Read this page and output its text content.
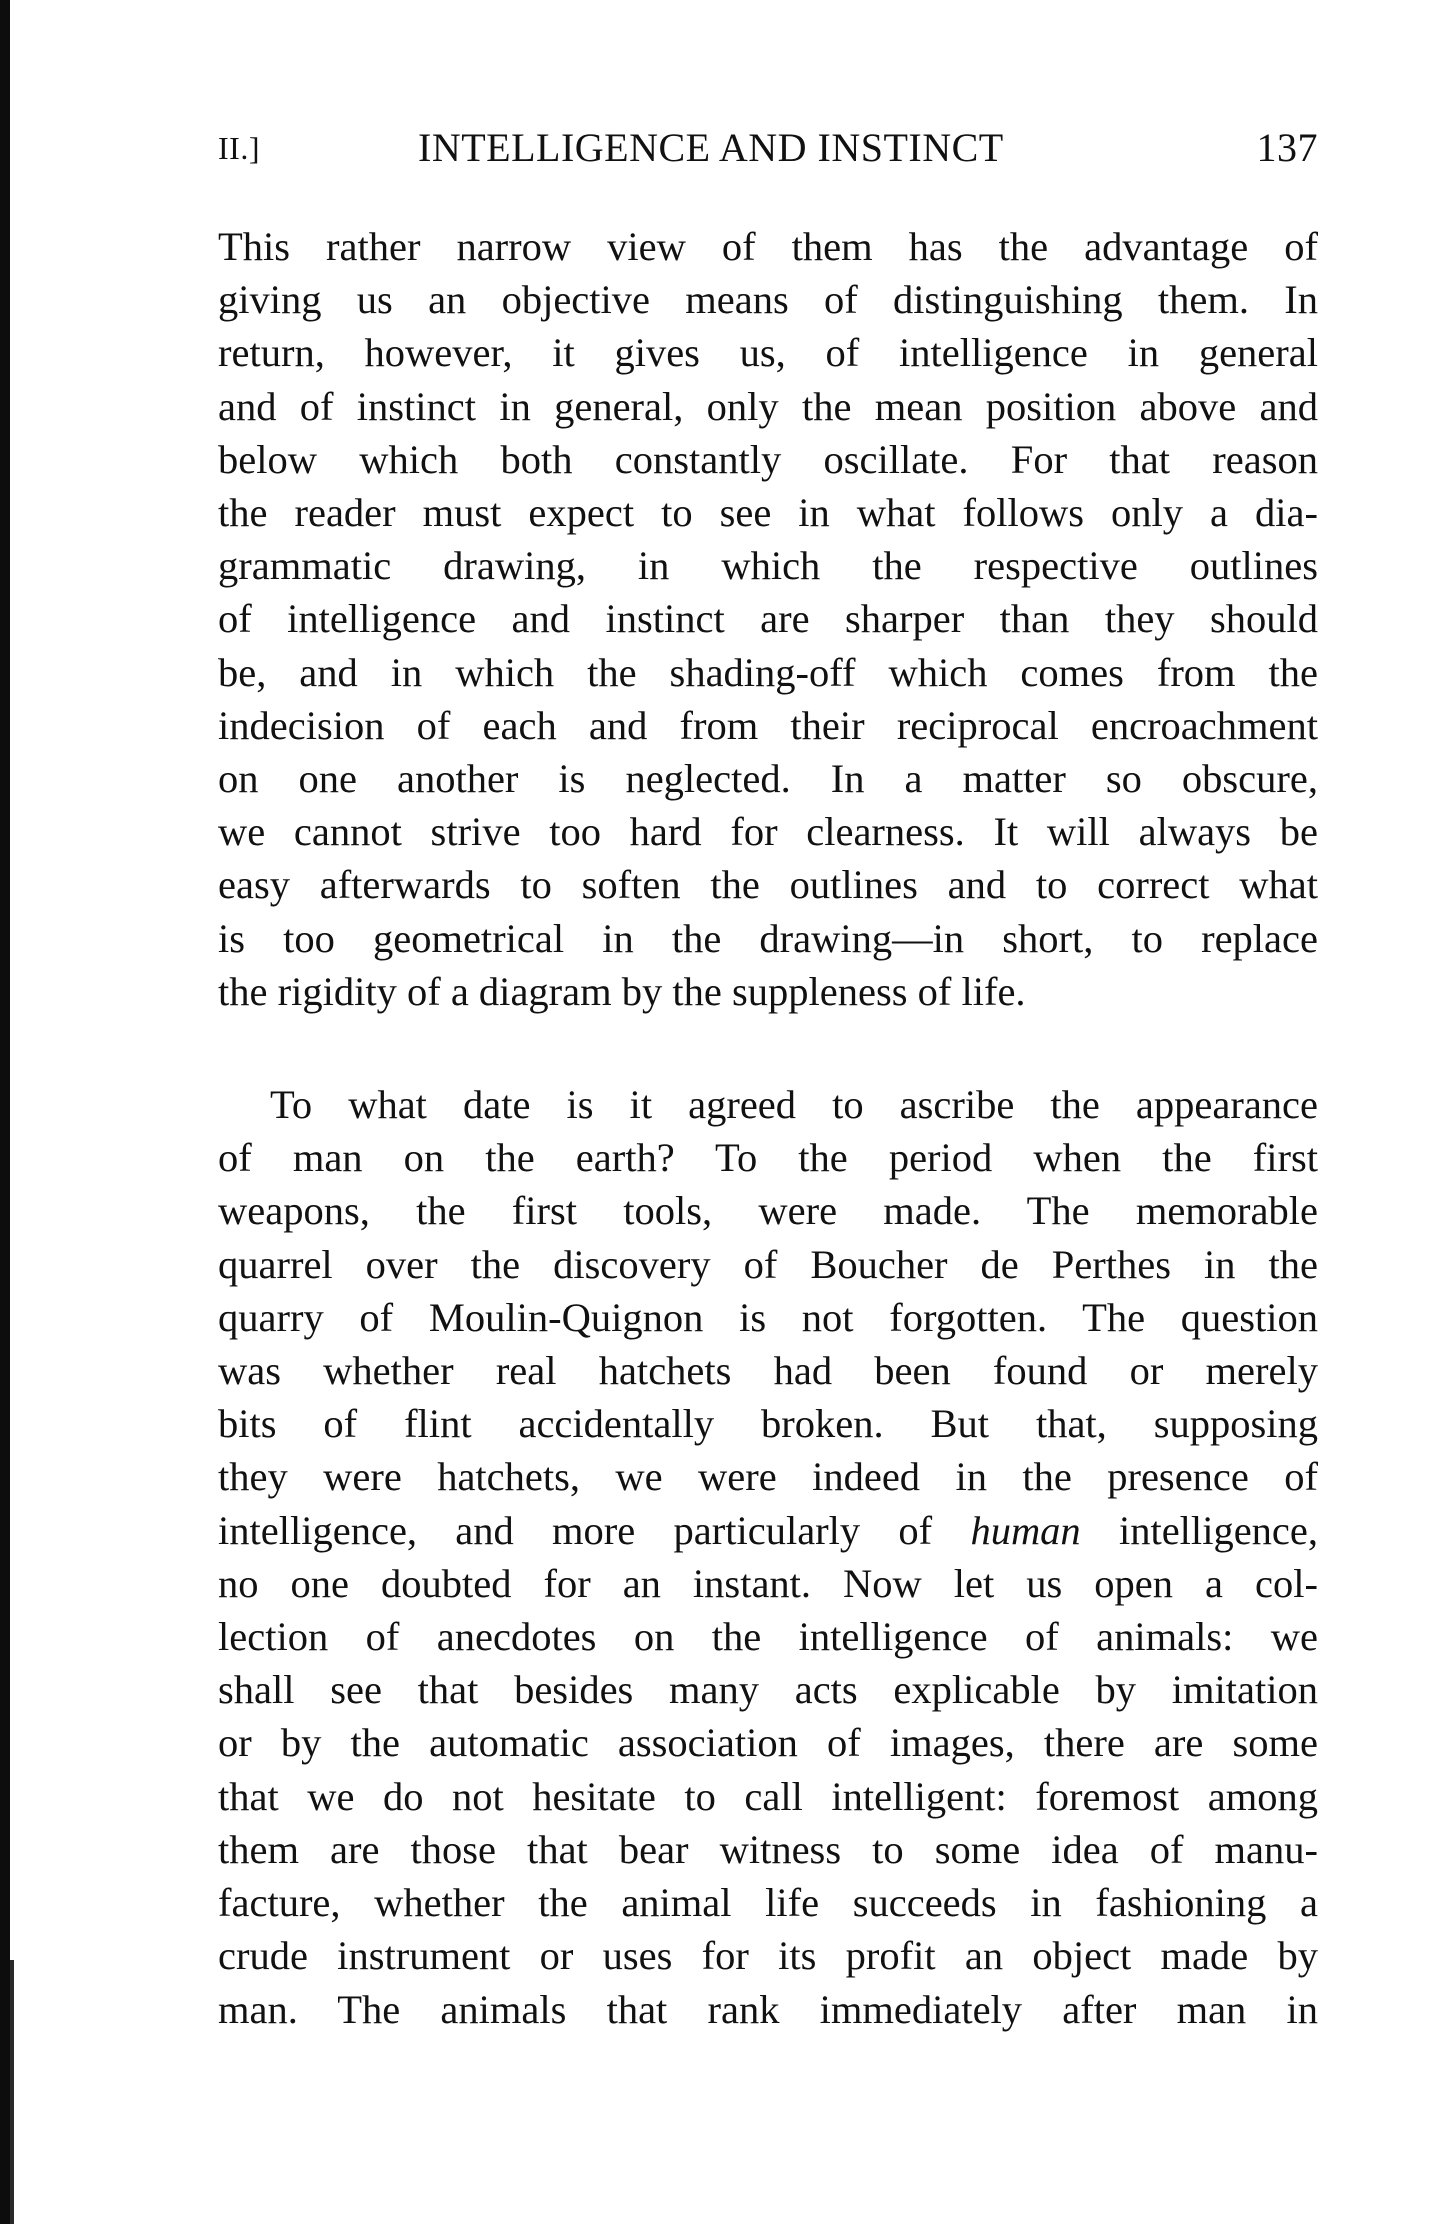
II.]	INTELLIGENCE AND INSTINCT	137

This rather narrow view of them has the advantage of
giving us an objective means of distinguishing them. In
return, however, it gives us, of intelligence in general
and of instinct in general, only the mean position above and
below which both constantly oscillate. For that reason
the reader must expect to see in what follows only a dia-
grammatic drawing, in which the respective outlines
of intelligence and instinct are sharper than they should
be, and in which the shading-off which comes from the
indecision of each and from their reciprocal encroachment
on one another is neglected. In a matter so obscure,
we cannot strive too hard for clearness. It will always be
easy afterwards to soften the outlines and to correct what
is too geometrical in the drawing—in short, to replace
the rigidity of a diagram by the suppleness of life.

To what date is it agreed to ascribe the appearance
of man on the earth? To the period when the first
weapons, the first tools, were made. The memorable
quarrel over the discovery of Boucher de Perthes in the
quarry of Moulin-Quignon is not forgotten. The question
was whether real hatchets had been found or merely
bits of flint accidentally broken. But that, supposing
they were hatchets, we were indeed in the presence of
intelligence, and more particularly of human intelligence,
no one doubted for an instant. Now let us open a col-
lection of anecdotes on the intelligence of animals: we
shall see that besides many acts explicable by imitation
or by the automatic association of images, there are some
that we do not hesitate to call intelligent: foremost among
them are those that bear witness to some idea of manu-
facture, whether the animal life succeeds in fashioning a
crude instrument or uses for its profit an object made by
man. The animals that rank immediately after man in
